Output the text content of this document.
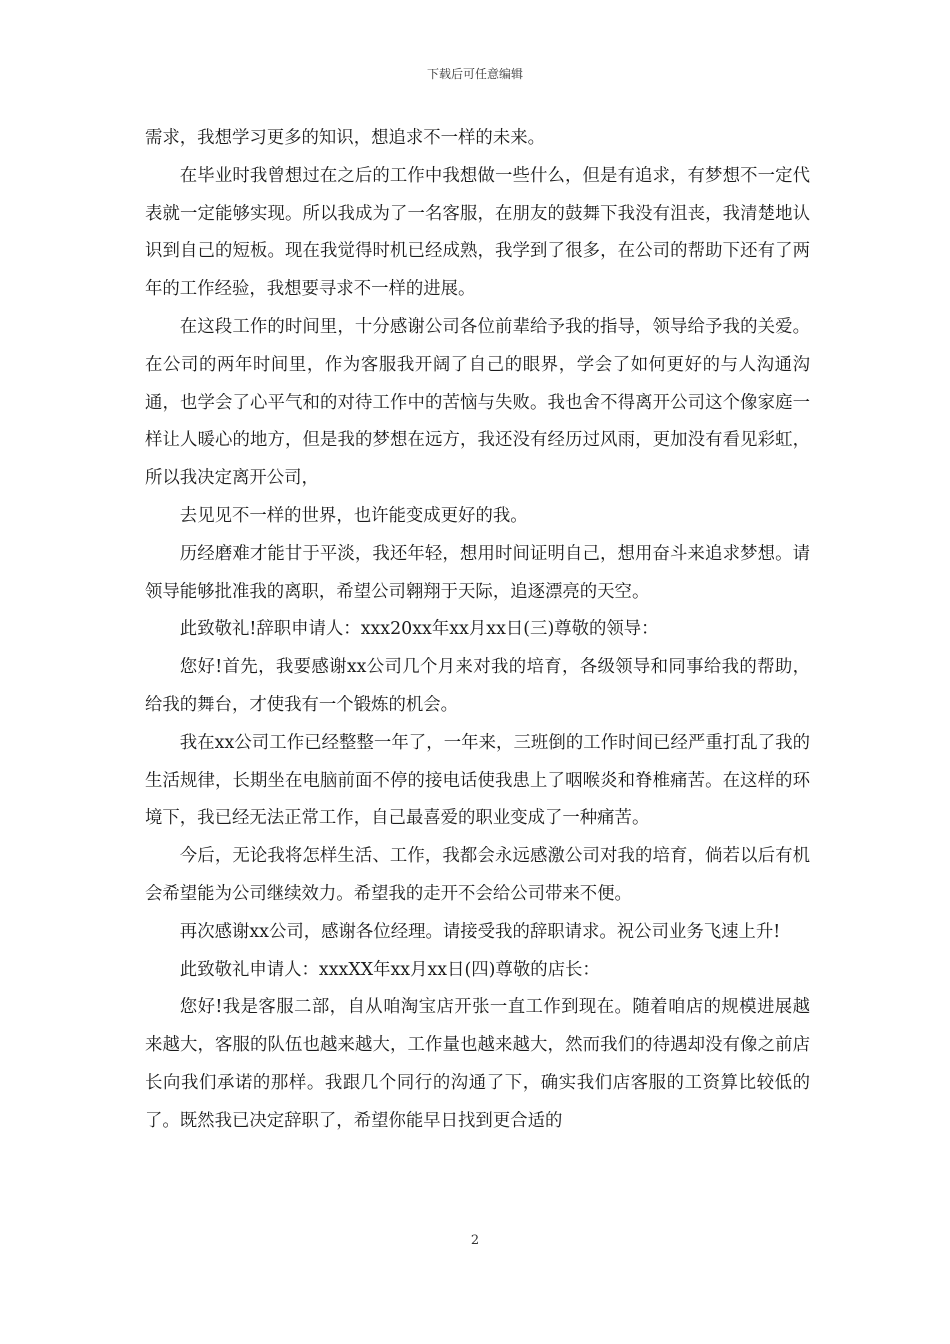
下载后可任意编辑

需求，我想学习更多的知识，想追求不一样的未来。

在毕业时我曾想过在之后的工作中我想做一些什么，但是有追求，有梦想不一定代表就一定能够实现。所以我成为了一名客服，在朋友的鼓舞下我没有沮丧，我清楚地认识到自己的短板。现在我觉得时机已经成熟，我学到了很多，在公司的帮助下还有了两年的工作经验，我想要寻求不一样的进展。

在这段工作的时间里，十分感谢公司各位前辈给予我的指导，领导给予我的关爱。在公司的两年时间里，作为客服我开阔了自己的眼界，学会了如何更好的与人沟通沟通，也学会了心平气和的对待工作中的苦恼与失败。我也舍不得离开公司这个像家庭一样让人暖心的地方，但是我的梦想在远方，我还没有经历过风雨，更加没有看见彩虹，所以我决定离开公司，

去见见不一样的世界，也许能变成更好的我。

历经磨难才能甘于平淡，我还年轻，想用时间证明自己，想用奋斗来追求梦想。请领导能够批准我的离职，希望公司翱翔于天际，追逐漂亮的天空。

此致敬礼!辞职申请人：xxx20xx年xx月xx日(三)尊敬的领导：

您好!首先，我要感谢xx公司几个月来对我的培育，各级领导和同事给我的帮助，给我的舞台，才使我有一个锻炼的机会。

我在xx公司工作已经整整一年了，一年来，三班倒的工作时间已经严重打乱了我的生活规律，长期坐在电脑前面不停的接电话使我患上了咽喉炎和脊椎痛苦。在这样的环境下，我已经无法正常工作，自己最喜爱的职业变成了一种痛苦。

今后，无论我将怎样生活、工作，我都会永远感激公司对我的培育，倘若以后有机会希望能为公司继续效力。希望我的走开不会给公司带来不便。

再次感谢xx公司，感谢各位经理。请接受我的辞职请求。祝公司业务飞速上升!

此致敬礼申请人：xxxXX年xx月xx日(四)尊敬的店长：

您好!我是客服二部，自从咱淘宝店开张一直工作到现在。随着咱店的规模进展越来越大，客服的队伍也越来越大，工作量也越来越大，然而我们的待遇却没有像之前店长向我们承诺的那样。我跟几个同行的沟通了下，确实我们店客服的工资算比较低的了。既然我已决定辞职了，希望你能早日找到更合适的

2
